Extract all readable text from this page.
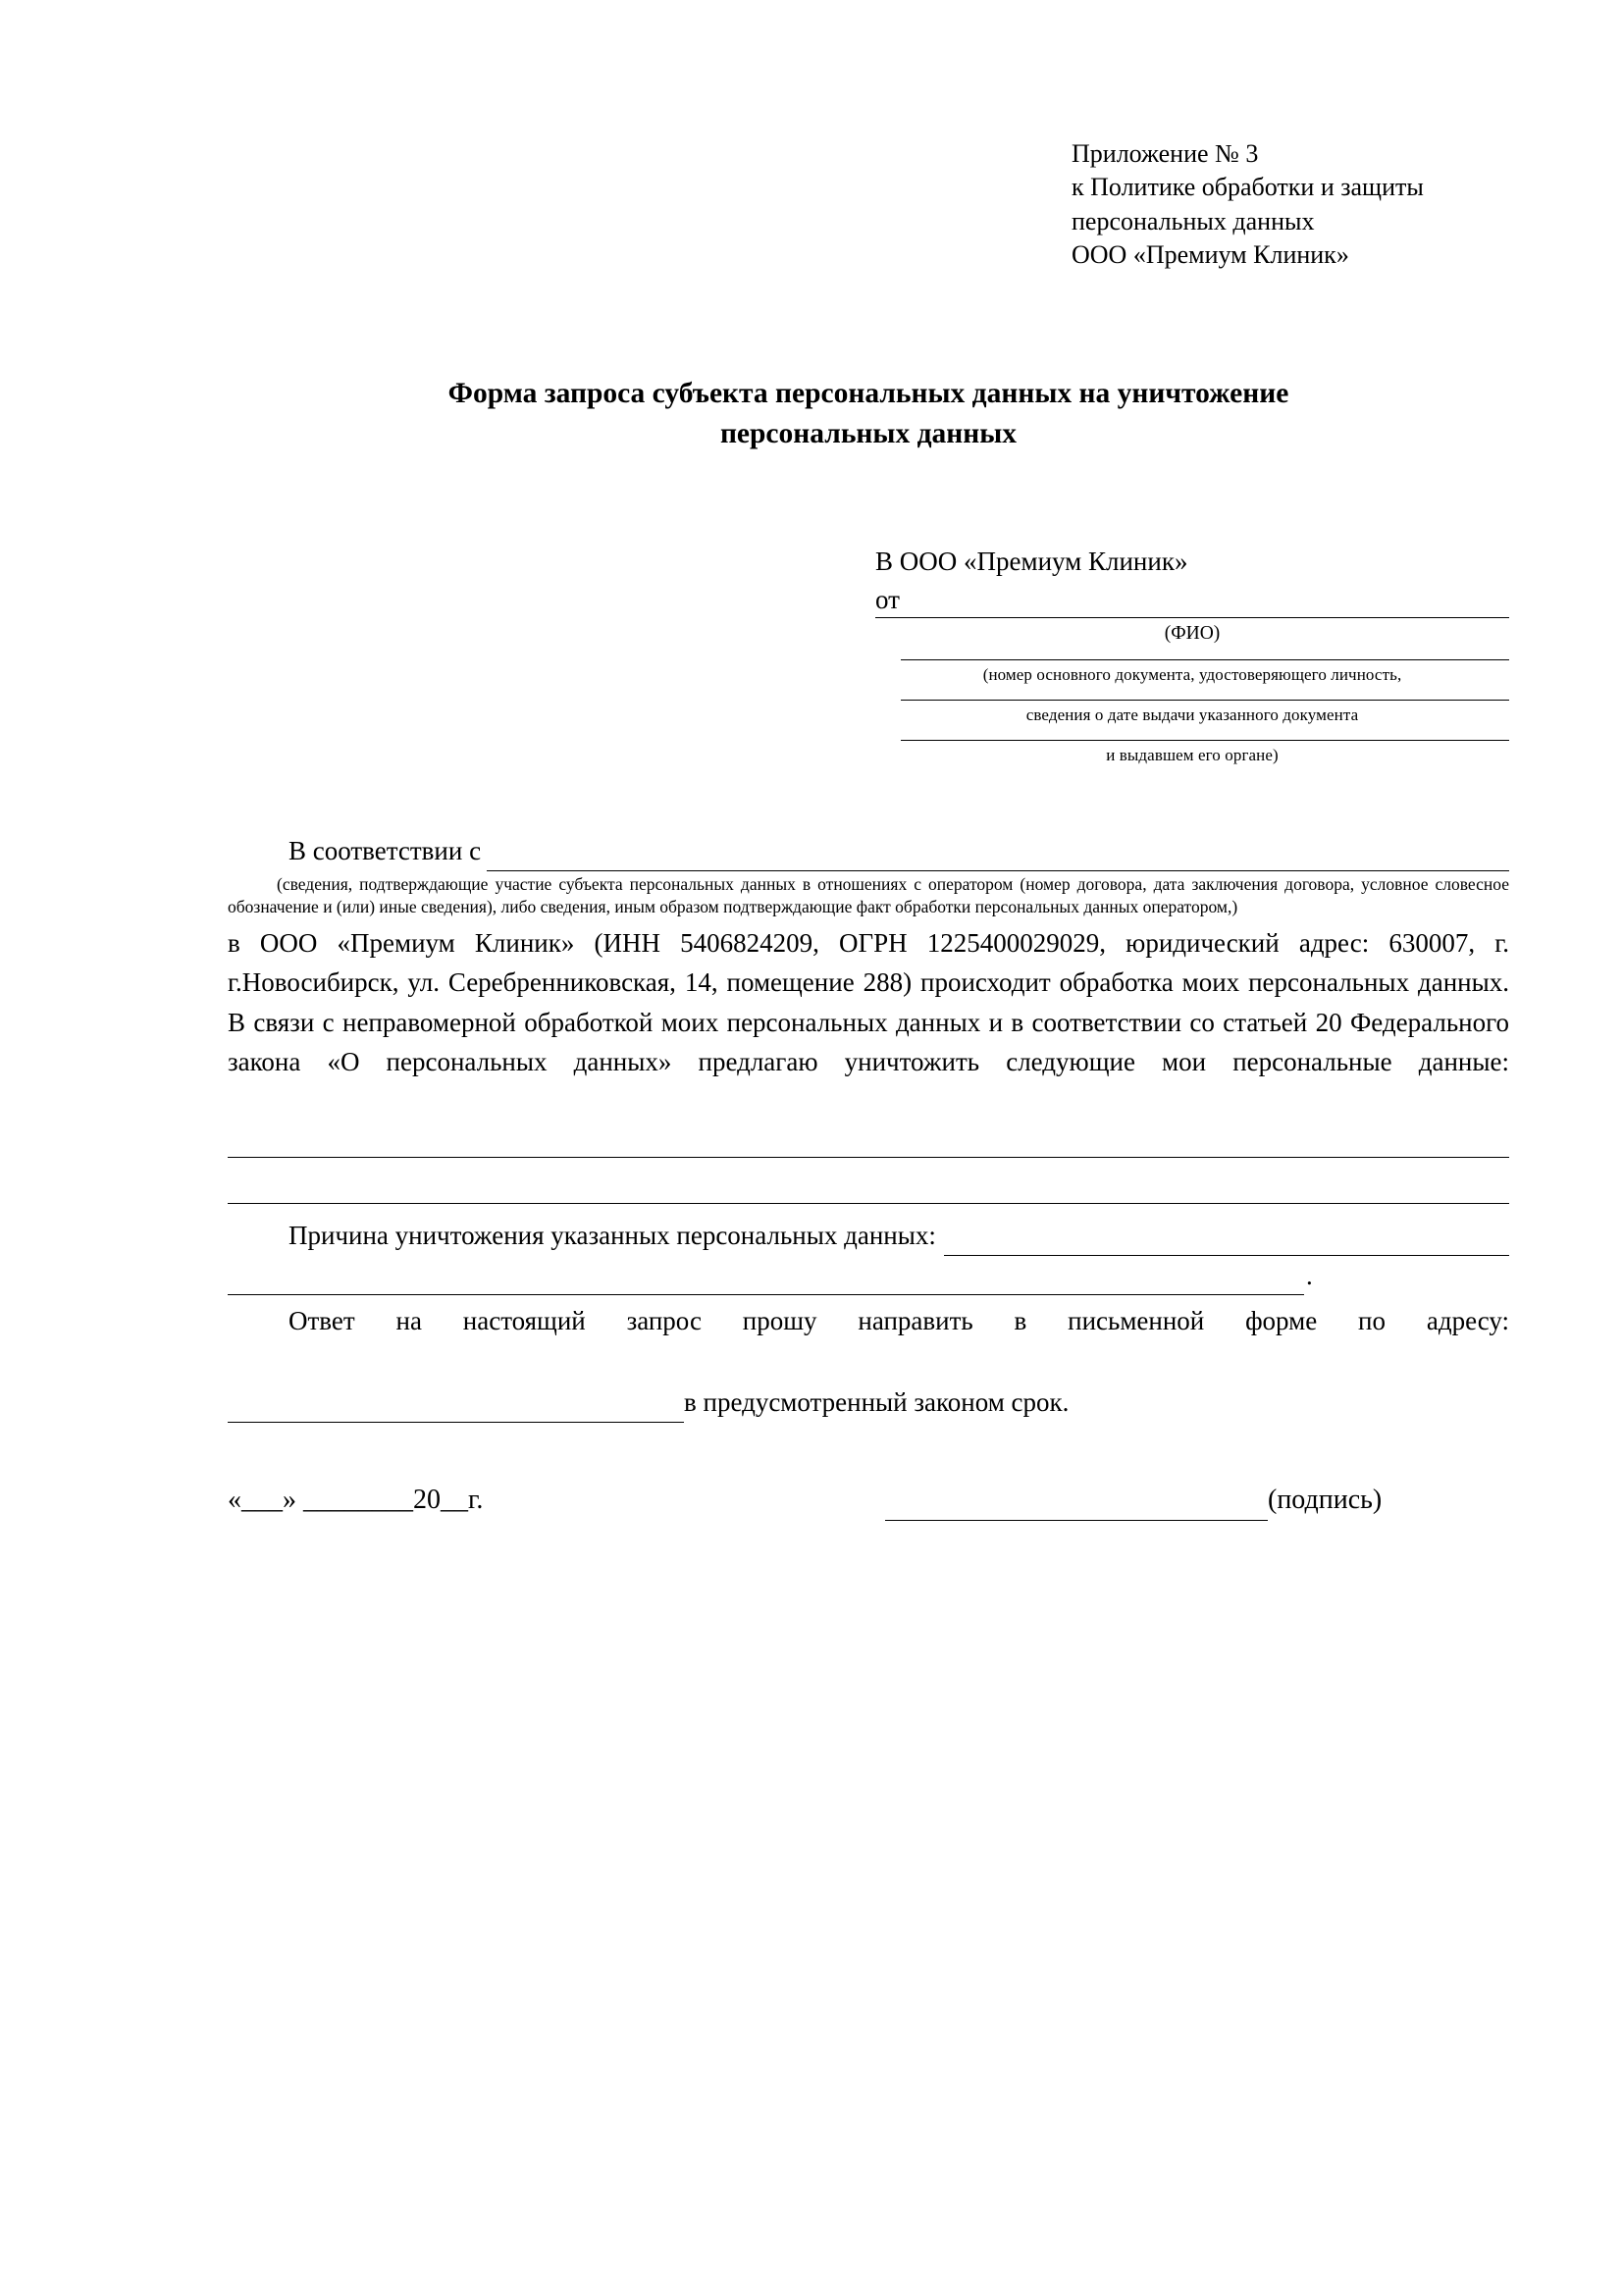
Приложение № 3
к Политике обработки и защиты
персональных данных
ООО «Премиум Клиник»
Форма запроса субъекта персональных данных на уничтожение
персональных данных
В ООО «Премиум Клиник»
от
(ФИО)
(номер основного документа, удостоверяющего личность,
сведения о дате выдачи указанного документа
и выдавшем его органе)
В соответствии с
(сведения, подтверждающие участие субъекта персональных данных в отношениях с оператором (номер договора, дата заключения договора, условное словесное обозначение и (или) иные сведения), либо сведения, иным образом подтверждающие факт обработки персональных данных оператором,)
в ООО «Премиум Клиник» (ИНН 5406824209, ОГРН 1225400029029, юридический адрес: 630007, г. г.Новосибирск, ул. Серебренниковская, 14, помещение 288) происходит обработка моих персональных данных. В связи с неправомерной обработкой моих персональных данных и в соответствии со статьей 20 Федерального закона «О персональных данных» предлагаю уничтожить следующие мои персональные данные:
Причина уничтожения указанных персональных данных:
.
Ответ на настоящий запрос прошу направить в письменной форме по адресу:
в предусмотренный законом срок.
«___» ________20__г.	(подпись)
